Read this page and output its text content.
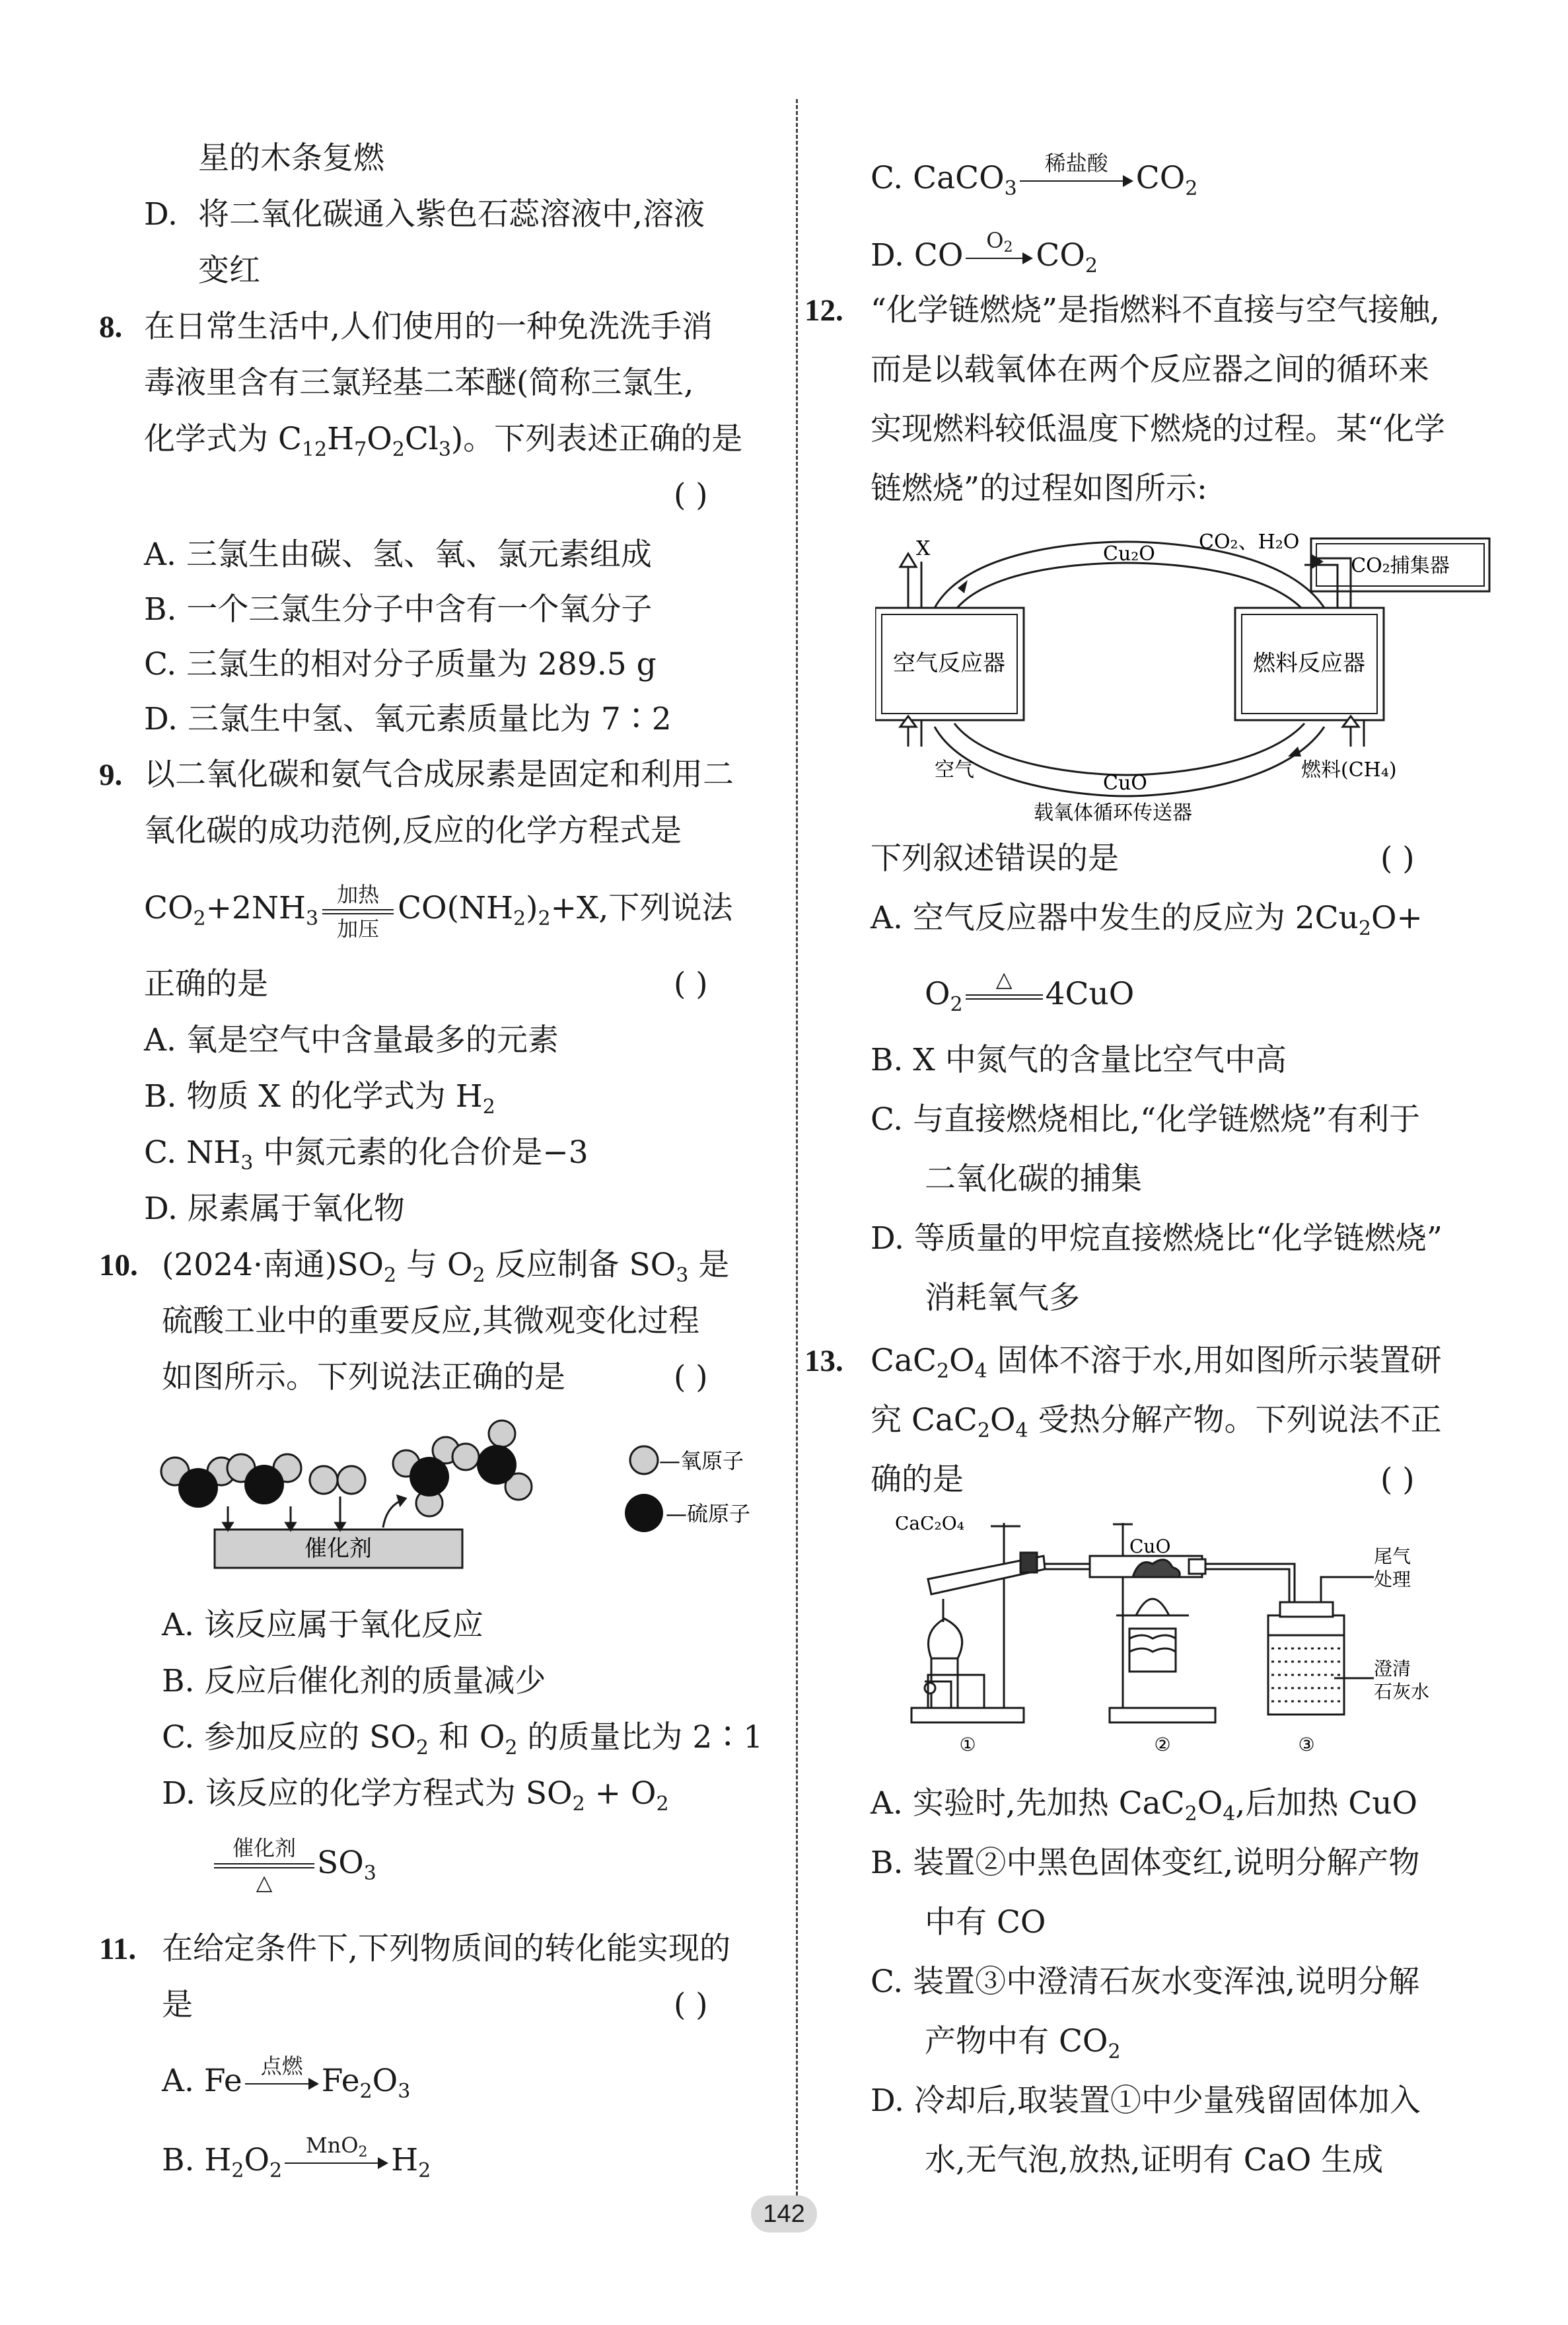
星的木条复燃
D. 将二氧化碳通入紫色石蕊溶液中,溶液
变红
8. 在日常生活中,人们使用的一种免洗洗手消
毒液里含有三氯羟基二苯醚(简称三氯生,
化学式为 $C_{12}H_7O_2Cl_3$)。下列表述正确的是
( )
A. 三氯生由碳、氢、氧、氯元素组成
B. 一个三氯生分子中含有一个氧分子
C. 三氯生的相对分子质量为 289.5 g
D. 三氯生中氢、氧元素质量比为 7∶2
9. 以二氧化碳和氨气合成尿素是固定和利用二
氧化碳的成功范例,反应的化学方程式是
$CO_2+2NH_3$
加热
加压
$CO(NH_2)_2+X$,下列说法
正确的是	( )
A. 氧是空气中含量最多的元素
B. 物质 X 的化学式为 $H_2$
C. $NH_3$ 中氮元素的化合价是−3
D. 尿素属于氧化物
10. (2024·南通)$SO_2$ 与 $O_2$ 反应制备 $SO_3$ 是
硫酸工业中的重要反应,其微观变化过程
如图所示。下列说法正确的是	( )
催化剂
—氧原子
—硫原子
A. 该反应属于氧化反应
B. 反应后催化剂的质量减少
C. 参加反应的 $SO_2$ 和 $O_2$ 的质量比为 2∶1
D. 该反应的化学方程式为 $SO_2 + O_2$
催化剂
△
$SO_3$
11. 在给定条件下,下列物质间的转化能实现的
是	( )
A. Fe 点燃 $Fe_2O_3$
B. $H_2O_2$
MnO2 $H_2$
C. CaCO$_3$
稀盐酸 $CO_2$
D. CO	O2 $CO_2$
12. “化学链燃烧”是指燃料不直接与空气接触,
而是以载氧体在两个反应器之间的循环来
实现燃料较低温度下燃烧的过程。某“化学
链燃烧”的过程如图所示:
空气反应器	燃料反应器
CO₂捕集器
X	Cu₂O
CO₂、H₂O
空气
CuO
燃料(CH₄)
载氧体循环传送器
下列叙述错误的是	( )
A. 空气反应器中发生的反应为 $2Cu_2O+$
$O_2$
△	4CuO
B. X 中氮气的含量比空气中高
C. 与直接燃烧相比,“化学链燃烧”有利于
二氧化碳的捕集
D. 等质量的甲烷直接燃烧比“化学链燃烧”
消耗氧气多
13. $CaC_2O_4$ 固体不溶于水,用如图所示装置研
究 $CaC_2O_4$ 受热分解产物。下列说法不正
确的是	( )
CaC₂O₄
CuO	尾气
处理
澄清
石灰水
①	②	③
A. 实验时,先加热 $CaC_2O_4$,后加热 CuO
B. 装置②中黑色固体变红,说明分解产物
中有 CO
C. 装置③中澄清石灰水变浑浊,说明分解
产物中有 $CO_2$
D. 冷却后,取装置①中少量残留固体加入
水,无气泡,放热,证明有 CaO 生成
142
